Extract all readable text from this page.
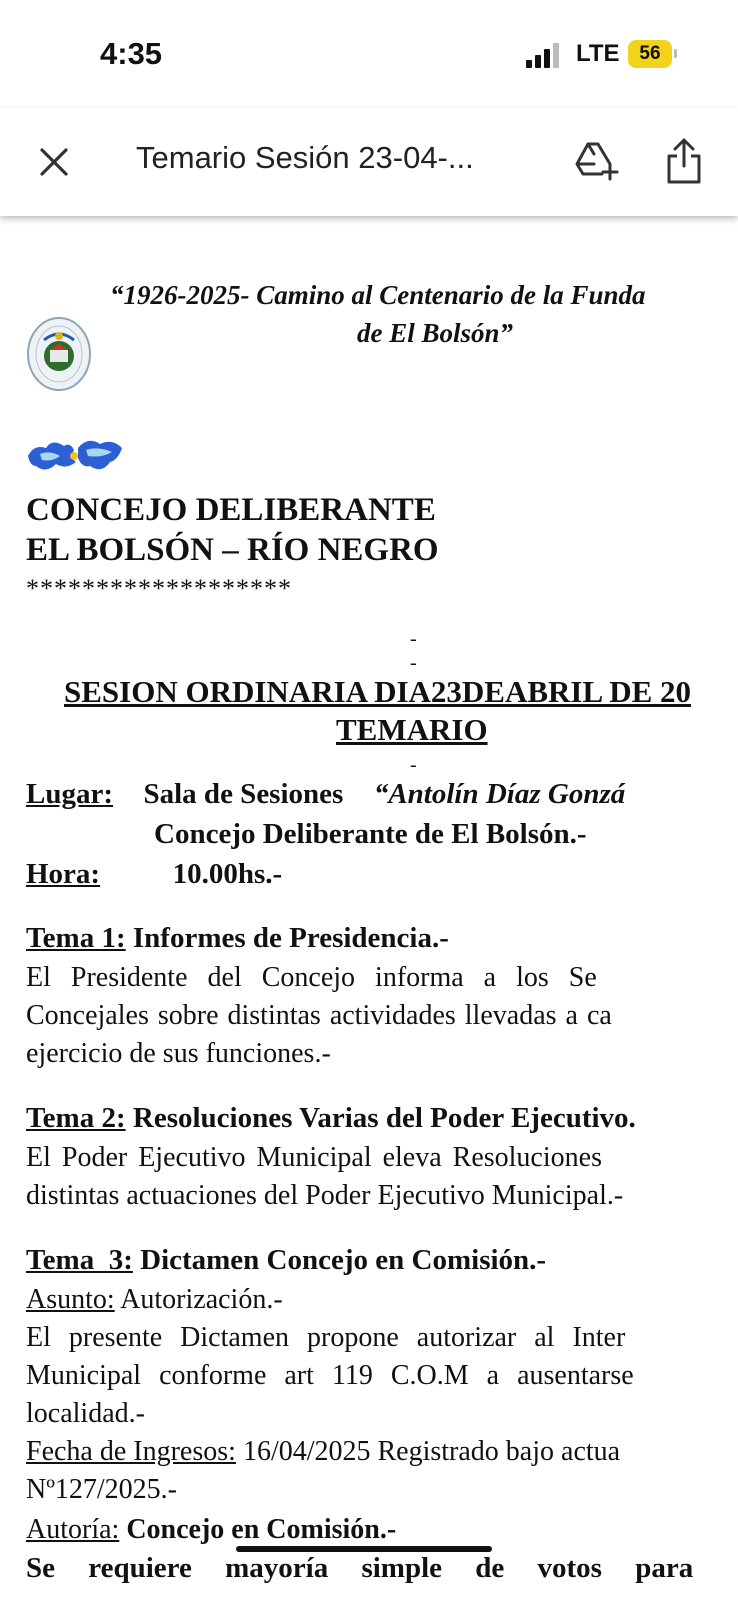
4:35	LTE	56
Temario Sesión 23-04-...
“1926-2025- Camino al Centenario de la Funda
de El Bolsón”
CONCEJO DELIBERANTE
EL BOLSÓN – RÍO NEGRO
*******************
-
-
SESION ORDINARIA DIA23DEABRIL DE 20
TEMARIO
-
Lugar: Sala de Sesiones “Antolín Díaz Gonzá
Concejo Deliberante de El Bolsón.-
Hora:	10.00hs.-
Tema 1: Informes de Presidencia.-
El Presidente del Concejo informa a los Se
Concejales sobre distintas actividades llevadas a ca
ejercicio de sus funciones.-
Tema 2: Resoluciones Varias del Poder Ejecutivo.
El Poder Ejecutivo Municipal eleva Resoluciones
distintas actuaciones del Poder Ejecutivo Municipal.-
Tema  3: Dictamen Concejo en Comisión.-
Asunto: Autorización.-
El presente Dictamen propone autorizar al Inter
Municipal conforme art 119 C.O.M a ausentarse
localidad.-
Fecha de Ingresos: 16/04/2025 Registrado bajo actua
Nº127/2025.-
Autoría: Concejo en Comisión.-
Se requiere mayoría simple de votos para
